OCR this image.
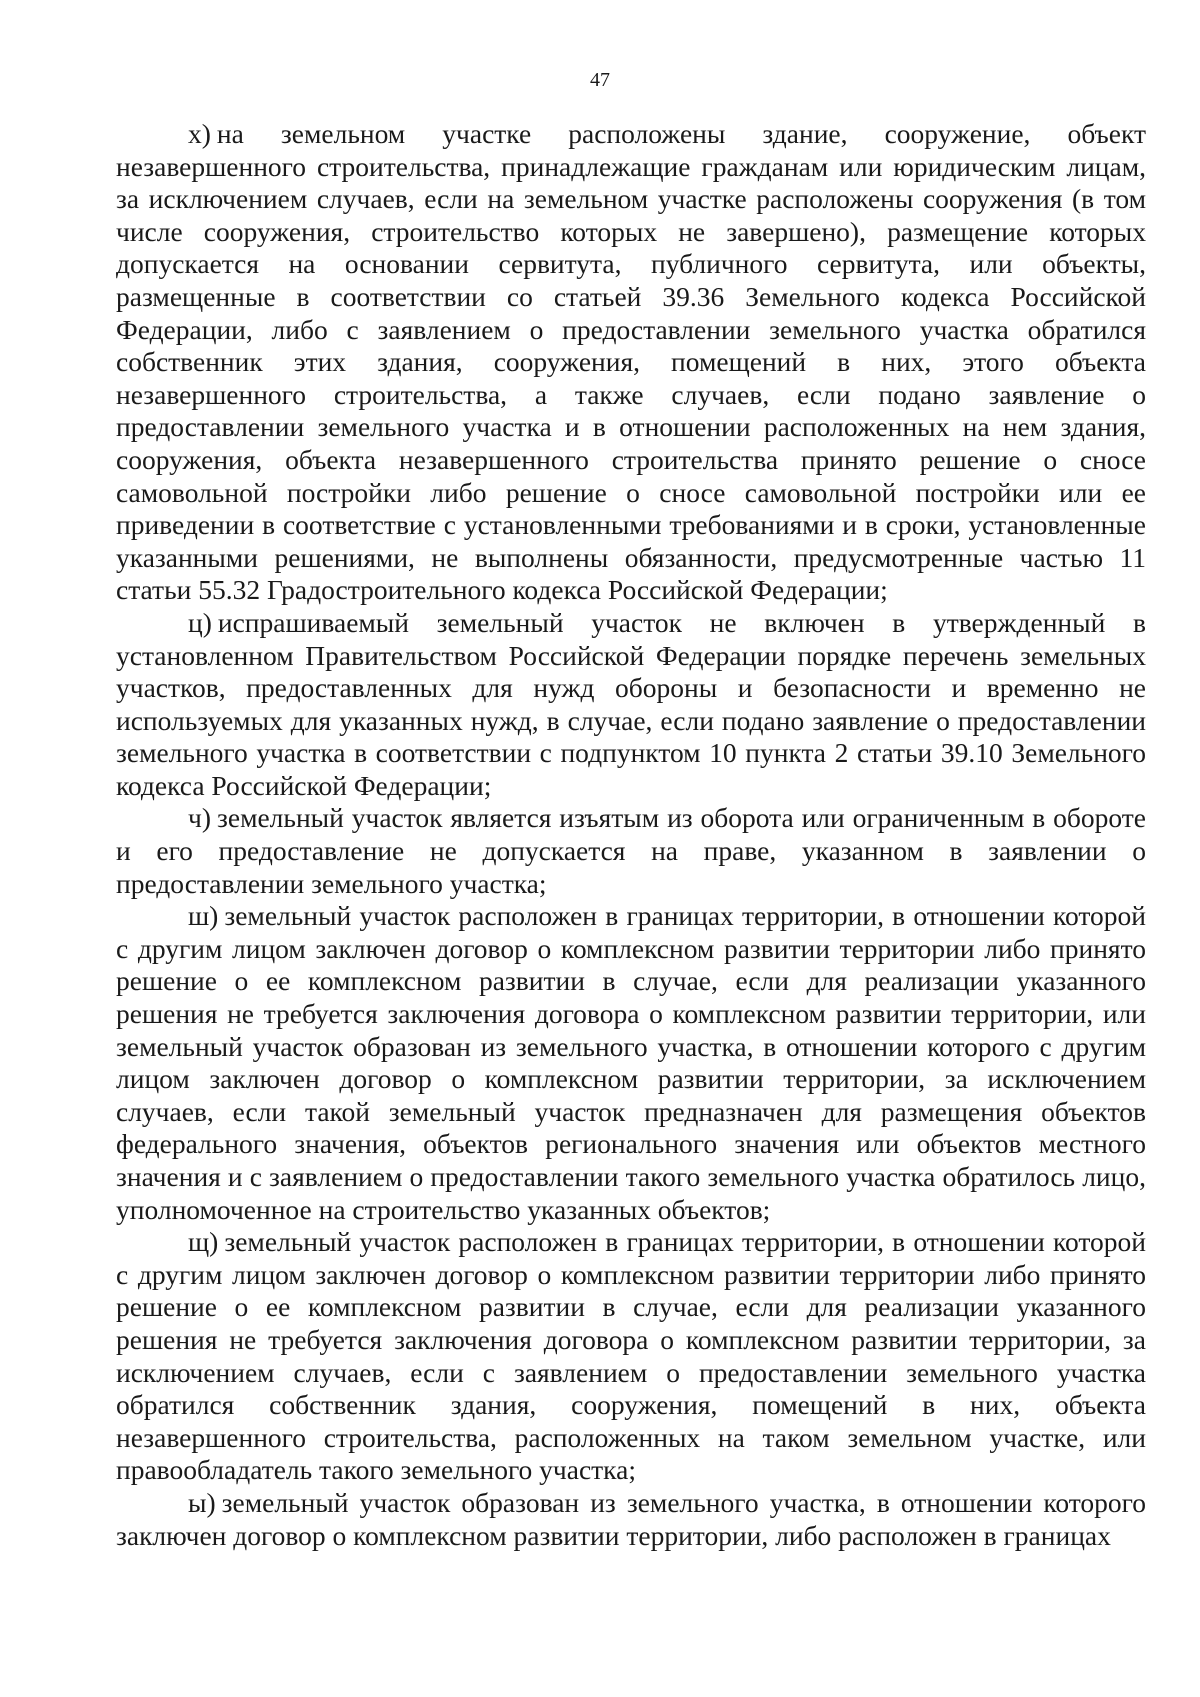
47

х) на земельном участке расположены здание, сооружение, объект незавершенного строительства, принадлежащие гражданам или юридическим лицам, за исключением случаев, если на земельном участке расположены сооружения (в том числе сооружения, строительство которых не завершено), размещение которых допускается на основании сервитута, публичного сервитута, или объекты, размещенные в соответствии со статьей 39.36 Земельного кодекса Российской Федерации, либо с заявлением о предоставлении земельного участка обратился собственник этих здания, сооружения, помещений в них, этого объекта незавершенного строительства, а также случаев, если подано заявление о предоставлении земельного участка и в отношении расположенных на нем здания, сооружения, объекта незавершенного строительства принято решение о сносе самовольной постройки либо решение о сносе самовольной постройки или ее приведении в соответствие с установленными требованиями и в сроки, установленные указанными решениями, не выполнены обязанности, предусмотренные частью 11 статьи 55.32 Градостроительного кодекса Российской Федерации;

ц) испрашиваемый земельный участок не включен в утвержденный в установленном Правительством Российской Федерации порядке перечень земельных участков, предоставленных для нужд обороны и безопасности и временно не используемых для указанных нужд, в случае, если подано заявление о предоставлении земельного участка в соответствии с подпунктом 10 пункта 2 статьи 39.10 Земельного кодекса Российской Федерации;

ч) земельный участок является изъятым из оборота или ограниченным в обороте и его предоставление не допускается на праве, указанном в заявлении о предоставлении земельного участка;

ш) земельный участок расположен в границах территории, в отношении которой с другим лицом заключен договор о комплексном развитии территории либо принято решение о ее комплексном развитии в случае, если для реализации указанного решения не требуется заключения договора о комплексном развитии территории, или земельный участок образован из земельного участка, в отношении которого с другим лицом заключен договор о комплексном развитии территории, за исключением случаев, если такой земельный участок предназначен для размещения объектов федерального значения, объектов регионального значения или объектов местного значения и с заявлением о предоставлении такого земельного участка обратилось лицо, уполномоченное на строительство указанных объектов;

щ) земельный участок расположен в границах территории, в отношении которой с другим лицом заключен договор о комплексном развитии территории либо принято решение о ее комплексном развитии в случае, если для реализации указанного решения не требуется заключения договора о комплексном развитии территории, за исключением случаев, если с заявлением о предоставлении земельного участка обратился собственник здания, сооружения, помещений в них, объекта незавершенного строительства, расположенных на таком земельном участке, или правообладатель такого земельного участка;

ы) земельный участок образован из земельного участка, в отношении которого заключен договор о комплексном развитии территории, либо расположен в границах
